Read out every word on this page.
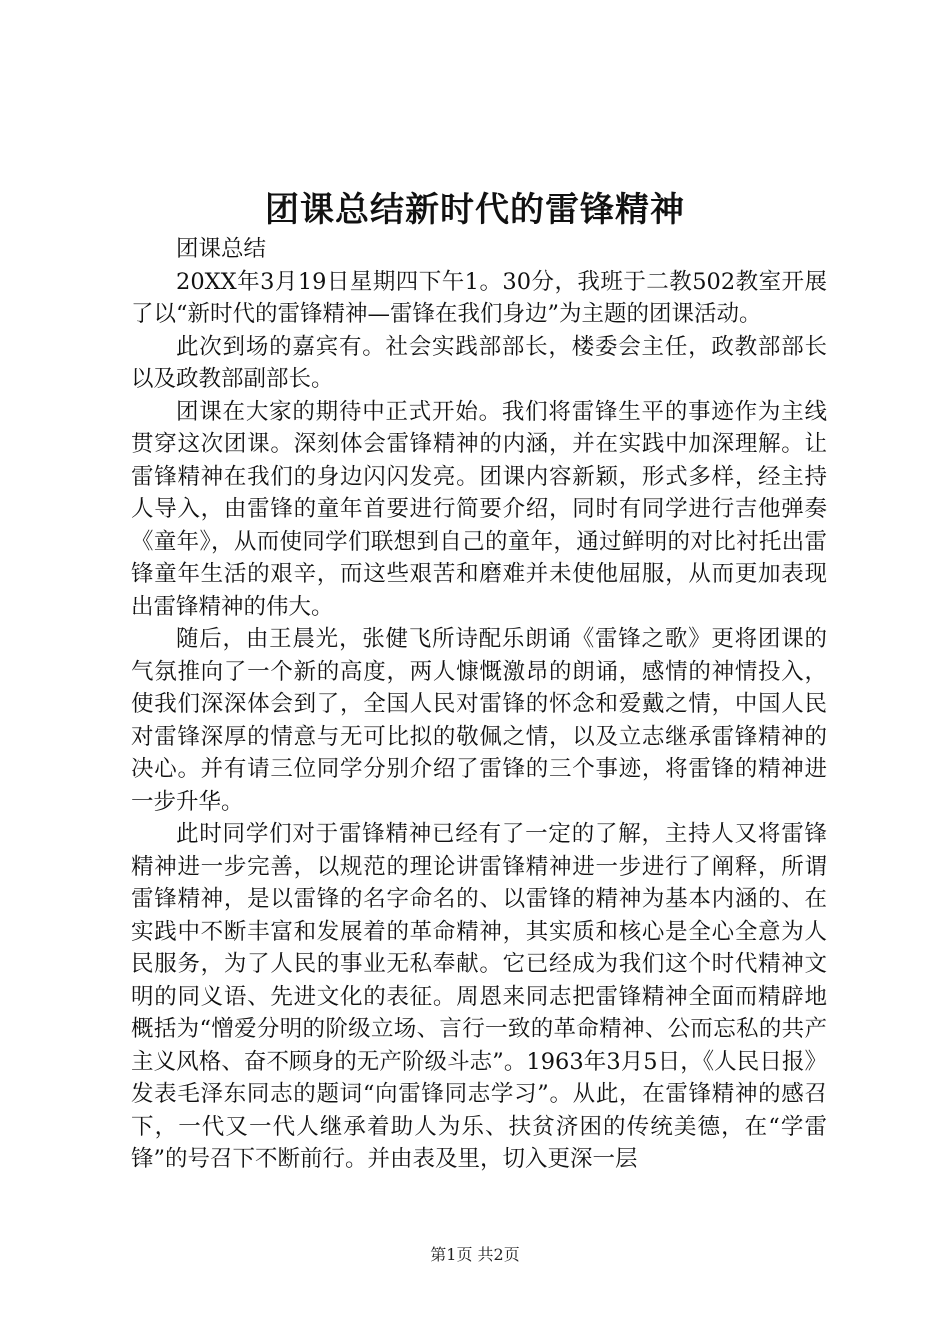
团课总结新时代的雷锋精神

团课总结

20XX年3月19日星期四下午1。30分，我班于二教502教室开展了以“新时代的雷锋精神—雷锋在我们身边”为主题的团课活动。

此次到场的嘉宾有。社会实践部部长，楼委会主任，政教部部长以及政教部副部长。

团课在大家的期待中正式开始。我们将雷锋生平的事迹作为主线贯穿这次团课。深刻体会雷锋精神的内涵，并在实践中加深理解。让雷锋精神在我们的身边闪闪发亮。团课内容新颖，形式多样，经主持人导入，由雷锋的童年首要进行简要介绍，同时有同学进行吉他弹奏《童年》，从而使同学们联想到自己的童年，通过鲜明的对比衬托出雷锋童年生活的艰辛，而这些艰苦和磨难并未使他屈服，从而更加表现出雷锋精神的伟大。

随后，由王晨光，张健飞所诗配乐朗诵《雷锋之歌》更将团课的气氛推向了一个新的高度，两人慷慨激昂的朗诵，感情的神情投入，使我们深深体会到了，全国人民对雷锋的怀念和爱戴之情，中国人民对雷锋深厚的情意与无可比拟的敬佩之情，以及立志继承雷锋精神的决心。并有请三位同学分别介绍了雷锋的三个事迹，将雷锋的精神进一步升华。

此时同学们对于雷锋精神已经有了一定的了解，主持人又将雷锋精神进一步完善，以规范的理论讲雷锋精神进一步进行了阐释，所谓雷锋精神，是以雷锋的名字命名的、以雷锋的精神为基本内涵的、在实践中不断丰富和发展着的革命精神，其实质和核心是全心全意为人民服务，为了人民的事业无私奉献。它已经成为我们这个时代精神文明的同义语、先进文化的表征。周恩来同志把雷锋精神全面而精辟地概括为“憎爱分明的阶级立场、言行一致的革命精神、公而忘私的共产主义风格、奋不顾身的无产阶级斗志”。1963年3月5日，《人民日报》发表毛泽东同志的题词“向雷锋同志学习”。从此，在雷锋精神的感召下，一代又一代人继承着助人为乐、扶贫济困的传统美德，在“学雷锋”的号召下不断前行。并由表及里，切入更深一层

第1页 共2页
